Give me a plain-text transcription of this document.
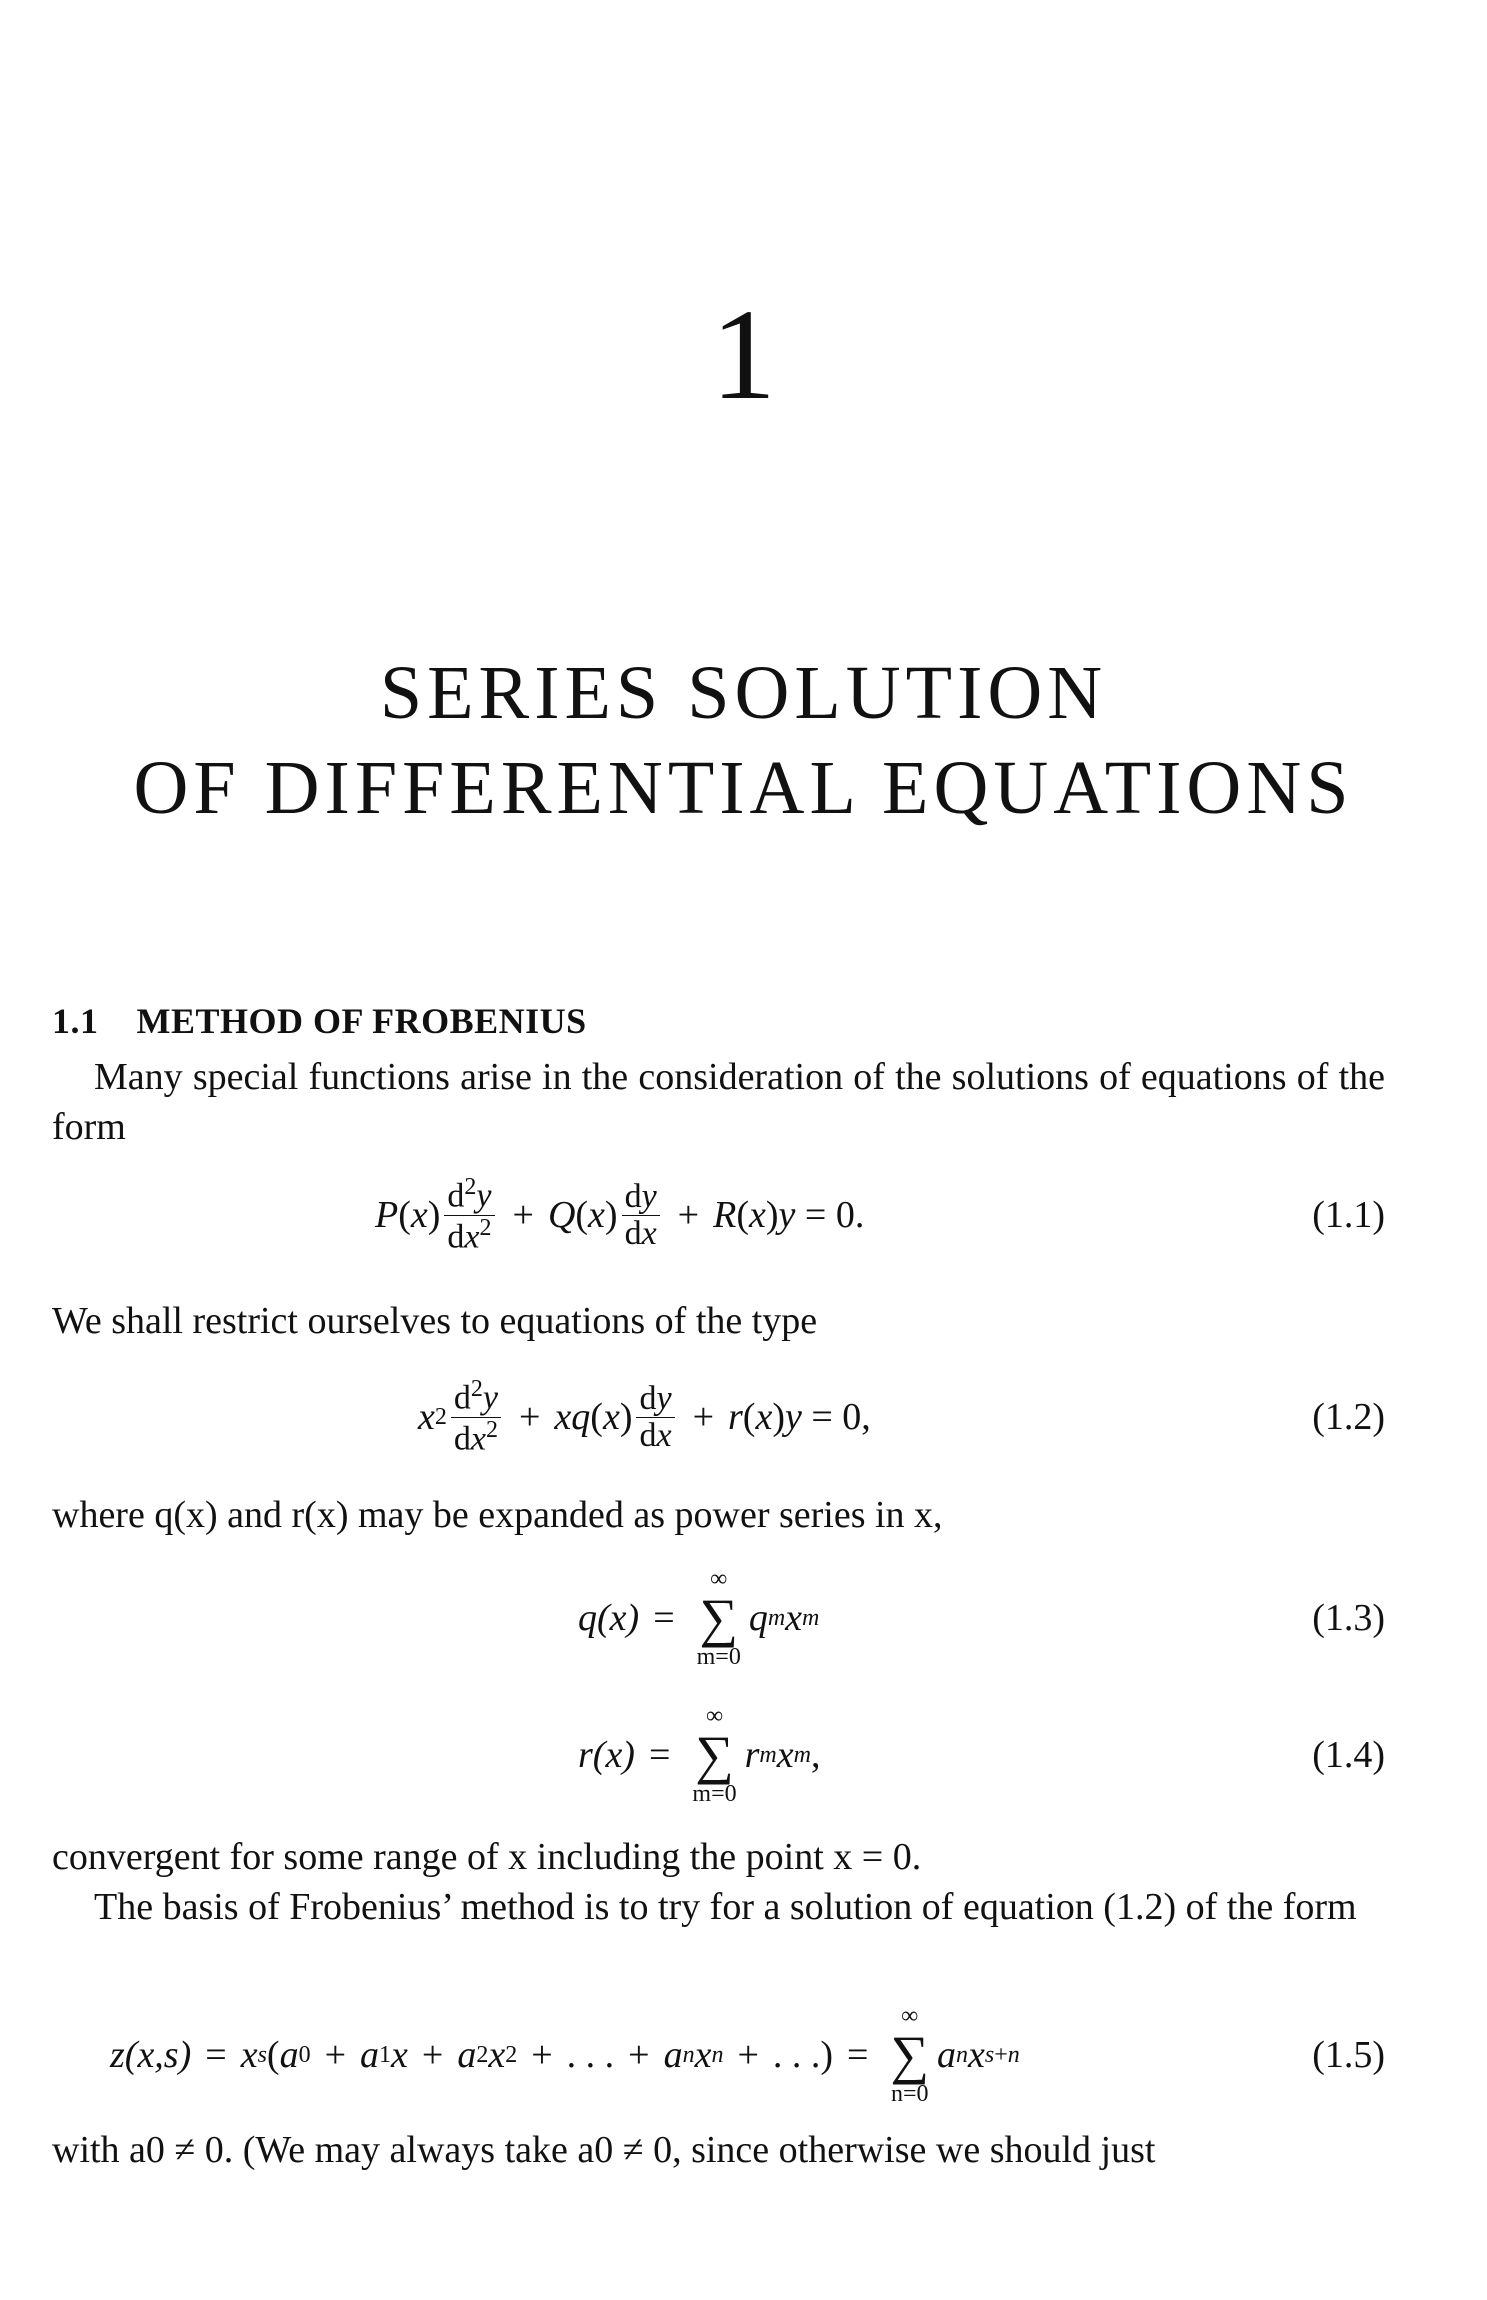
1
SERIES SOLUTION
OF DIFFERENTIAL EQUATIONS
1.1 METHOD OF FROBENIUS
Many special functions arise in the consideration of the solutions of equations of the form
P ( x ) $\frac{d^2y}{dx^2} + Q$ ( x ) $\frac{dy}{dx} + R$ ( x ) y
= 0.	(1.1)
We shall restrict ourselves to equations of the type
x $2 \frac{d^2y}{dx^2}$ + xq ( x ) $\frac{dy}{dx} + r$ ( x ) y
= 0,	(1.2)
where q(x) and r(x) may be expanded as power series in x,
q(x) =
∞
∑
m=0
q m x m	(1.3)
r(x) =
∞
∑
m=0
r m x m ,	(1.4)
convergent for some range of x including the point x = 0.
The basis of Frobenius’ method is to try for a solution of equation (1.2) of the form
z(x,s) = x s ( a 0 + a 1 x + a 2 x 2 + . . . + a n x n + . . .) =
∞
∑
n=0
a n x s+n	(1.5)
with a0 ≠ 0. (We may always take a0 ≠ 0, since otherwise we should just
